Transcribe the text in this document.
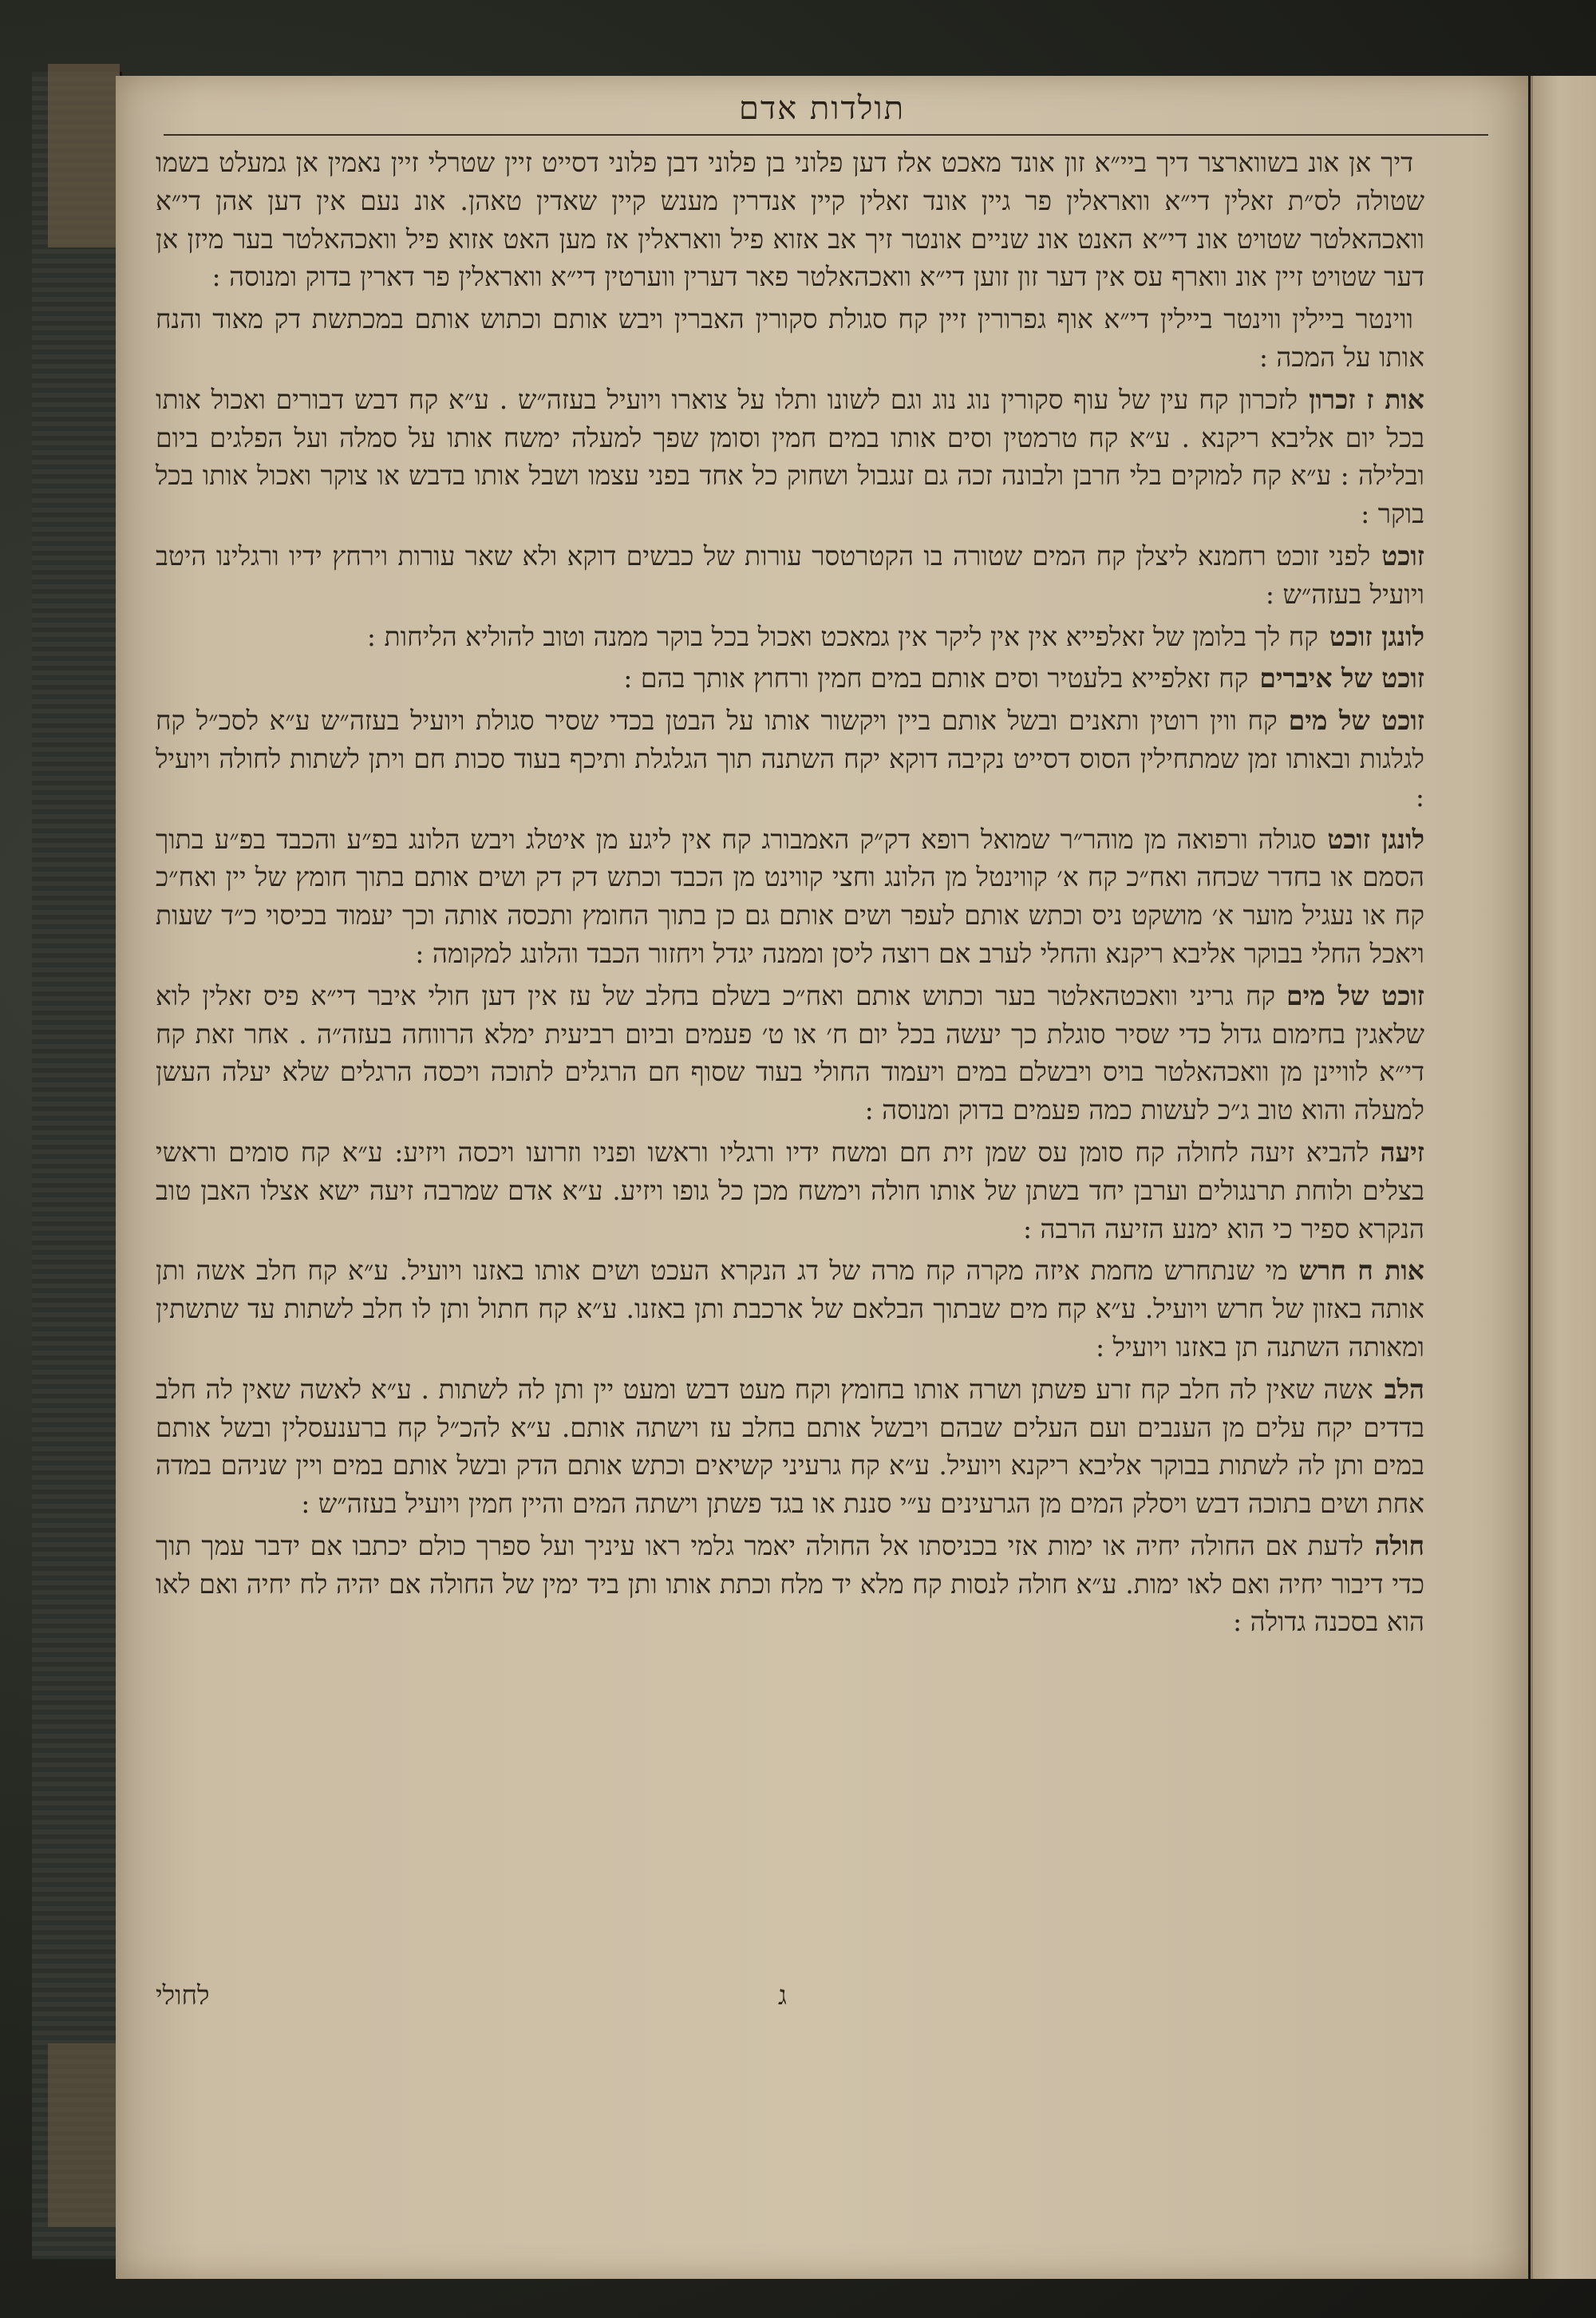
תולדות אדם

דיך אן אונ בשווארצר דיך ביי״א זון אונד מאכט אלז דען פלוני בן פלוני דבן פלוני דסייט זיין שטרלי זיין נאמין אן גמעלט בשמו שטולה לס״ת זאלין די״א וואראלין פר גיין אונד זאלין קיין אנדרין מענש קיין שאדין טאהן. אונ נעם אין דען אהן די״א וואכהאלטר שטויט אונ די״א האנט אונ שניים אונטר זיך אב אזוא פיל וואראלין אז מען האט אזוא פיל וואכהאלטר בער מיזן אן דער שטויט זיין אונ ווארף עס אין דער זון זוען די״א וואכהאלטר פאר דערין ווערטין די״א וואראלין פר דארין בדוק ומנוסה :

ווינטר ביילין ווינטר ביילין די״א אוף גפרורין זיין קח סגולת סקורין האברין ויבש אותם וכתוש אותם במכתשת דק מאוד והנח אותו על המכה :

אות ז זכרוןלזכרון קח עין של עוף סקורין נוג נוג וגם לשונו ותלו על צוארו ויועיל בעזה״ש . ע״א קח דבש דבורים ואכול אותו בכל יום אליבא ריקנא . ע״א קח טרמטין וסים אותו במים חמין וסומן שפך למעלה ימשח אותו על סמלה ועל הפלגים ביום ובלילה : ע״א קח למוקים בלי חרבן ולבונה זכה גם זנגבול ושחוק כל אחד בפני עצמו ושבל אותו בדבש או צוקר ואכול אותו בכל בוקר :

זוכטלפני זוכט רחמנא ליצלן קח המים שטורה בו הקטרטסר עורות של כבשים דוקא ולא שאר עורות וירחץ ידיו ורגלינו היטב ויועיל בעזה״ש :

לונגן זוכטקח לך בלומן של זאלפייא אין אין ליקר אין גמאכט ואכול בכל בוקר ממנה וטוב להוליא הליחות :

זוכט של איבריםקח זאלפייא בלעטיר וסים אותם במים חמין ורחוץ אותך בהם :

זוכט של מיםקח ווין רוטין ותאנים ובשל אותם ביין ויקשור אותו על הבטן בכדי שסיר סגולת ויועיל בעזה״ש ע״א לסכ״ל קח לגלגות ובאותו זמן שמתחילין הסוס דסייט נקיבה דוקא יקח השתנה תוך הגלגלת ותיכף בעוד סכות חם ויתן לשתות לחולה ויועיל :

לונגן זוכטסגולה ורפואה מן מוהר״ר שמואל רופא דק״ק האמבורג קח אין ליגע מן איטלג ויבש הלונג בפ״ע והכבד בפ״ע בתוך הסמם או בחדר שכחה ואח״כ קח א׳ קווינטל מן הלונג וחצי קווינט מן הכבד וכתש דק דק ושים אותם בתוך חומץ של יין ואח״כ קח או נעגיל מוער א׳ מושקט ניס וכתש אותם לעפר ושים אותם גם כן בתוך החומץ ותכסה אותה וכך יעמוד בכיסוי כ״ד שעות ויאכל החלי בבוקר אליבא ריקנא והחלי לערב אם רוצה ליסן וממנה יגדל ויחזור הכבד והלונג למקומה :

זוכט של מיםקח גריני וואכטהאלטר בער וכתוש אותם ואח״כ בשלם בחלב של עז אין דען חולי איבר די״א פיס זאלין לוא שלאגין בחימום גדול כדי שסיר סוגלת כך יעשה בכל יום ח׳ או ט׳ פעמים וביום רביעית ימלא הרווחה בעזה״ה . אחר זאת קח די״א לוויינן מן וואכהאלטר בויס ויבשלם במים ויעמוד החולי בעוד שסוף חם הרגלים לתוכה ויכסה הרגלים שלא יעלה העשן למעלה והוא טוב ג״כ לעשות כמה פעמים בדוק ומנוסה :

זיעהלהביא זיעה לחולה קח סומן עס שמן זית חם ומשח ידיו ורגליו וראשו ופניו וזרועו ויכסה ויזיע: ע״א קח סומים וראשי בצלים ולוחת תרנגולים וערבן יחד בשתן של אותו חולה וימשח מכן כל גופו ויזיע. ע״א אדם שמרבה זיעה ישא אצלו האבן טוב הנקרא ספיר כי הוא ימנע הזיעה הרבה :

אות ח חרשמי שנתחרש מחמת איזה מקרה קח מרה של דג הנקרא העכט ושים אותו באזנו ויועיל. ע״א קח חלב אשה ותן אותה באזון של חרש ויועיל. ע״א קח מים שבתוך הבלאם של ארכבת ותן באזנו. ע״א קח חתול ותן לו חלב לשתות עד שתשתין ומאותה השתנה תן באזנו ויועיל :

הלבאשה שאין לה חלב קח זרע פשתן ושרה אותו בחומץ וקח מעט דבש ומעט יין ותן לה לשתות . ע״א לאשה שאין לה חלב בדדים יקח עלים מן הענבים ועם העלים שבהם ויבשל אותם בחלב עז וישתה אותם. ע״א להכ״ל קח ברענעסלין ובשל אותם במים ותן לה לשתות בבוקר אליבא ריקנא ויועיל. ע״א קח גרעיני קשיאים וכתש אותם הדק ובשל אותם במים ויין שניהם במדה אחת ושים בתוכה דבש ויסלק המים מן הגרעינים ע״י סננת או בגד פשתן וישתה המים והיין חמין ויועיל בעזה״ש :

חולהלדעת אם החולה יחיה או ימות אזי בכניסתו אל החולה יאמר גלמי ראו עיניך ועל ספרך כולם יכתבו אם ידבר עמך תוך כדי דיבור יחיה ואם לאו ימות. ע״א חולה לנסות קח מלא יד מלח וכתת אותו ותן ביד ימין של החולה אם יהיה לח יחיה ואם לאו הוא בסכנה גדולה :

ג
לחולי
